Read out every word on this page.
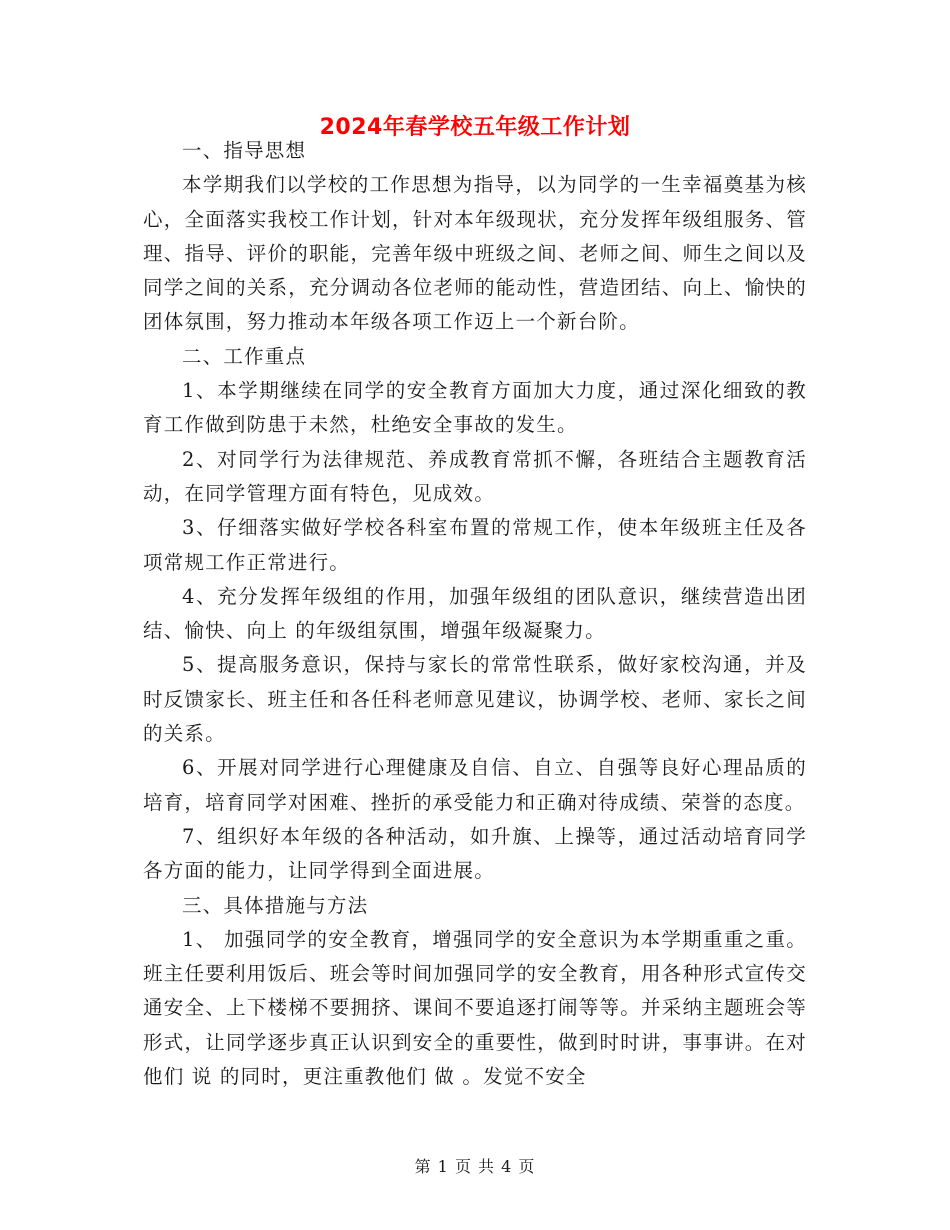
2024年春学校五年级工作计划

一、指导思想

本学期我们以学校的工作思想为指导，以为同学的一生幸福奠基为核心，全面落实我校工作计划，针对本年级现状，充分发挥年级组服务、管理、指导、评价的职能，完善年级中班级之间、老师之间、师生之间以及同学之间的关系，充分调动各位老师的能动性，营造团结、向上、愉快的团体氛围，努力推动本年级各项工作迈上一个新台阶。

二、工作重点

1、本学期继续在同学的安全教育方面加大力度，通过深化细致的教育工作做到防患于未然，杜绝安全事故的发生。

2、对同学行为法律规范、养成教育常抓不懈，各班结合主题教育活动，在同学管理方面有特色，见成效。

3、仔细落实做好学校各科室布置的常规工作，使本年级班主任及各项常规工作正常进行。

4、充分发挥年级组的作用，加强年级组的团队意识，继续营造出团结、愉快、向上 的年级组氛围，增强年级凝聚力。

5、提高服务意识，保持与家长的常常性联系，做好家校沟通，并及时反馈家长、班主任和各任科老师意见建议，协调学校、老师、家长之间的关系。

6、开展对同学进行心理健康及自信、自立、自强等良好心理品质的培育，培育同学对困难、挫折的承受能力和正确对待成绩、荣誉的态度。

7、组织好本年级的各种活动，如升旗、上操等，通过活动培育同学各方面的能力，让同学得到全面进展。

三、具体措施与方法

1、 加强同学的安全教育，增强同学的安全意识为本学期重重之重。班主任要利用饭后、班会等时间加强同学的安全教育，用各种形式宣传交通安全、上下楼梯不要拥挤、课间不要追逐打闹等等。并采纳主题班会等形式，让同学逐步真正认识到安全的重要性，做到时时讲，事事讲。在对他们 说 的同时，更注重教他们 做 。发觉不安全

第 1 页 共 4 页
